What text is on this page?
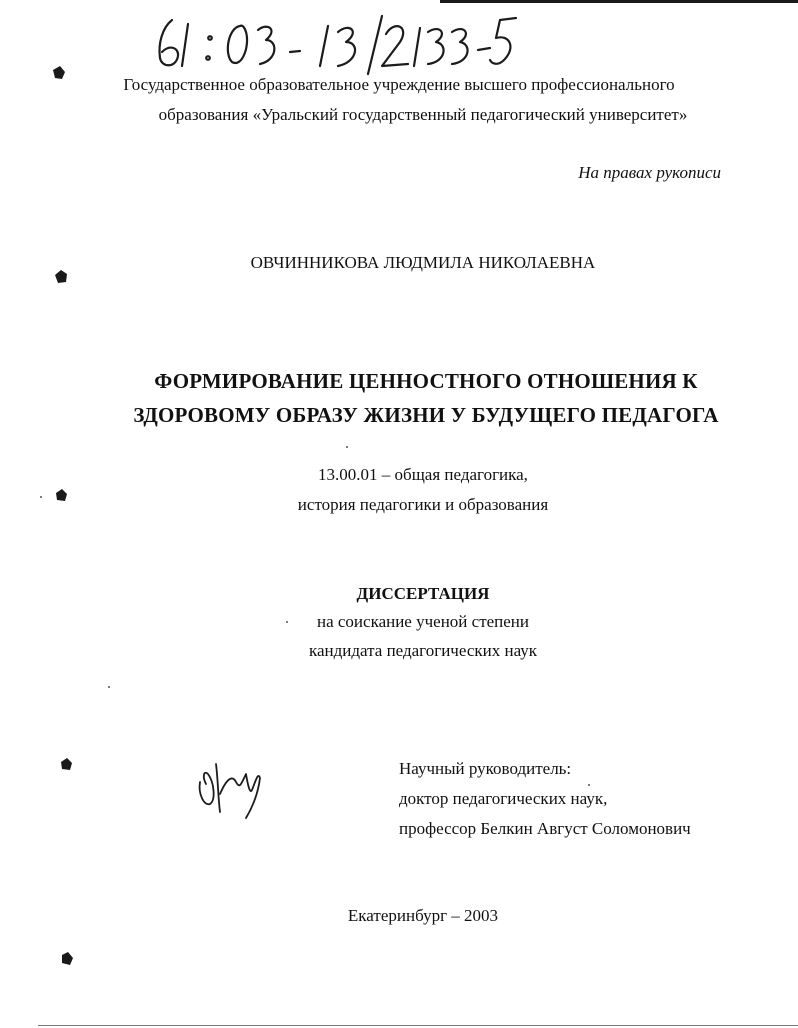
Государственное образовательное учреждение высшего профессионального
образования «Уральский государственный педагогический университет»
На правах рукописи
ОВЧИННИКОВА ЛЮДМИЛА НИКОЛАЕВНА
ФОРМИРОВАНИЕ ЦЕННОСТНОГО ОТНОШЕНИЯ К
ЗДОРОВОМУ ОБРАЗУ ЖИЗНИ У БУДУЩЕГО ПЕДАГОГА
13.00.01 – общая педагогика,
история педагогики и образования
ДИССЕРТАЦИЯ
на соискание ученой степени
кандидата педагогических наук
Научный руководитель:
доктор педагогических наук,
профессор Белкин Август Соломонович
Екатеринбург – 2003
